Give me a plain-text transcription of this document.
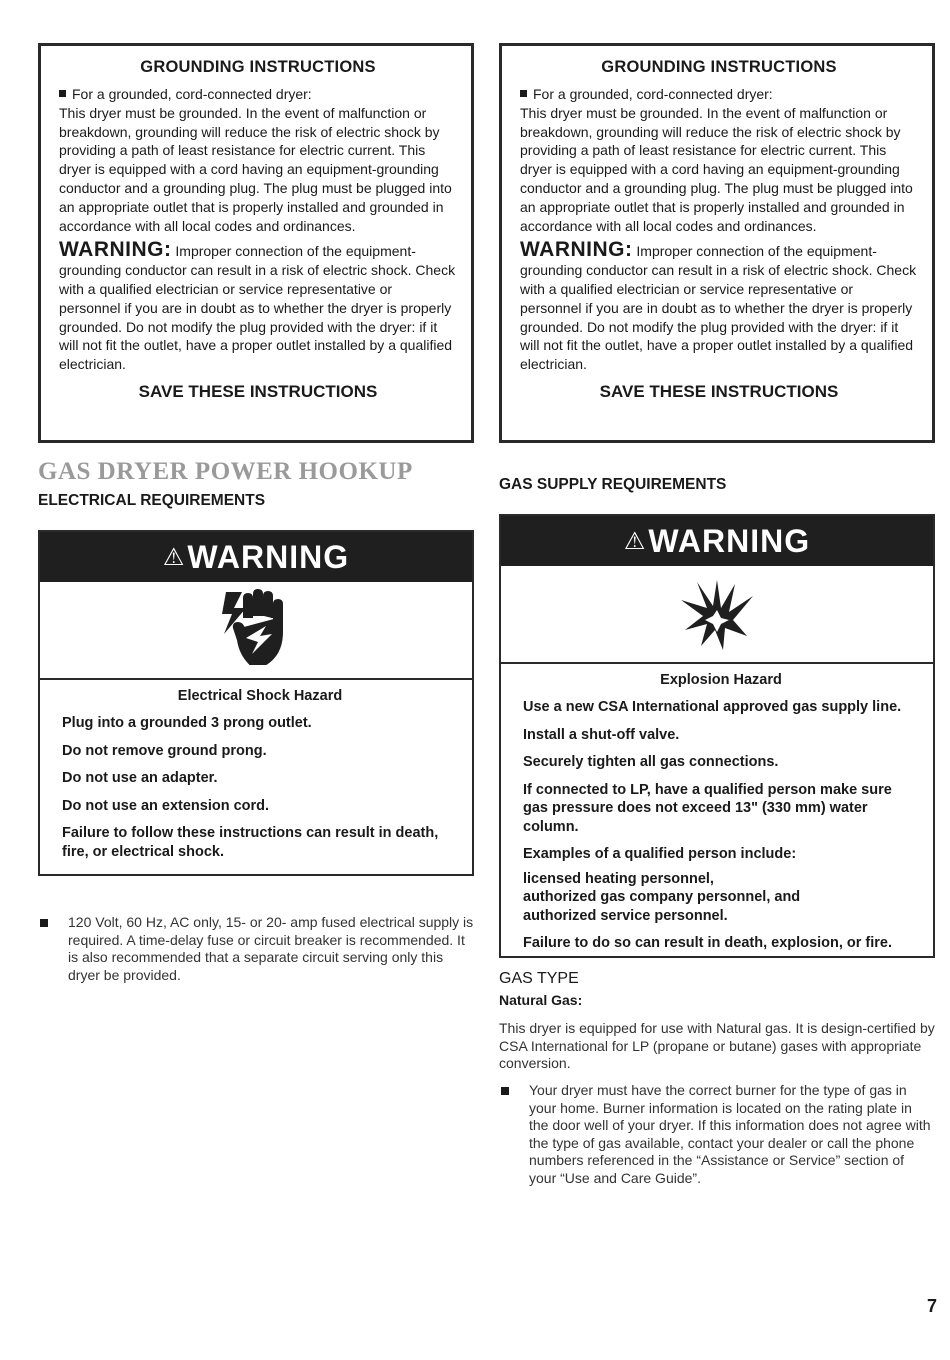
GROUNDING INSTRUCTIONS

For a grounded, cord-connected dryer:

This dryer must be grounded. In the event of malfunction or breakdown, grounding will reduce the risk of electric shock by providing a path of least resistance for electric current. This dryer is equipped with a cord having an equipment-grounding conductor and a grounding plug. The plug must be plugged into an appropriate outlet that is properly installed and grounded in accordance with all local codes and ordinances.

WARNING: Improper connection of the equipment-grounding conductor can result in a risk of electric shock. Check with a qualified electrician or service representative or personnel if you are in doubt as to whether the dryer is properly grounded. Do not modify the plug provided with the dryer: if it will not fit the outlet, have a proper outlet installed by a qualified electrician.

SAVE THESE INSTRUCTIONS
GAS DRYER POWER HOOKUP
ELECTRICAL REQUIREMENTS
⚠ WARNING
Electrical Shock Hazard

Plug into a grounded 3 prong outlet.

Do not remove ground prong.

Do not use an adapter.

Do not use an extension cord.

Failure to follow these instructions can result in death, fire, or electrical shock.

120 Volt, 60 Hz, AC only, 15- or 20- amp fused electrical supply is required. A time-delay fuse or circuit breaker is recommended. It is also recommended that a separate circuit serving only this dryer be provided.
GROUNDING INSTRUCTIONS

For a grounded, cord-connected dryer:

This dryer must be grounded. In the event of malfunction or breakdown, grounding will reduce the risk of electric shock by providing a path of least resistance for electric current. This dryer is equipped with a cord having an equipment-grounding conductor and a grounding plug. The plug must be plugged into an appropriate outlet that is properly installed and grounded in accordance with all local codes and ordinances.

WARNING: Improper connection of the equipment-grounding conductor can result in a risk of electric shock. Check with a qualified electrician or service representative or personnel if you are in doubt as to whether the dryer is properly grounded. Do not modify the plug provided with the dryer: if it will not fit the outlet, have a proper outlet installed by a qualified electrician.

SAVE THESE INSTRUCTIONS
GAS SUPPLY REQUIREMENTS
⚠ WARNING
Explosion Hazard

Use a new CSA International approved gas supply line.

Install a shut-off valve.

Securely tighten all gas connections.

If connected to LP, have a qualified person make sure gas pressure does not exceed 13" (330 mm) water column.

Examples of a qualified person include:

licensed heating personnel,

authorized gas company personnel, and

authorized service personnel.

Failure to do so can result in death, explosion, or fire.

GAS TYPE
Natural Gas:

This dryer is equipped for use with Natural gas. It is design-certified by CSA International for LP (propane or butane) gases with appropriate conversion.

Your dryer must have the correct burner for the type of gas in your home. Burner information is located on the rating plate in the door well of your dryer. If this information does not agree with the type of gas available, contact your dealer or call the phone numbers referenced in the “Assistance or Service” section of your “Use and Care Guide”.
7
